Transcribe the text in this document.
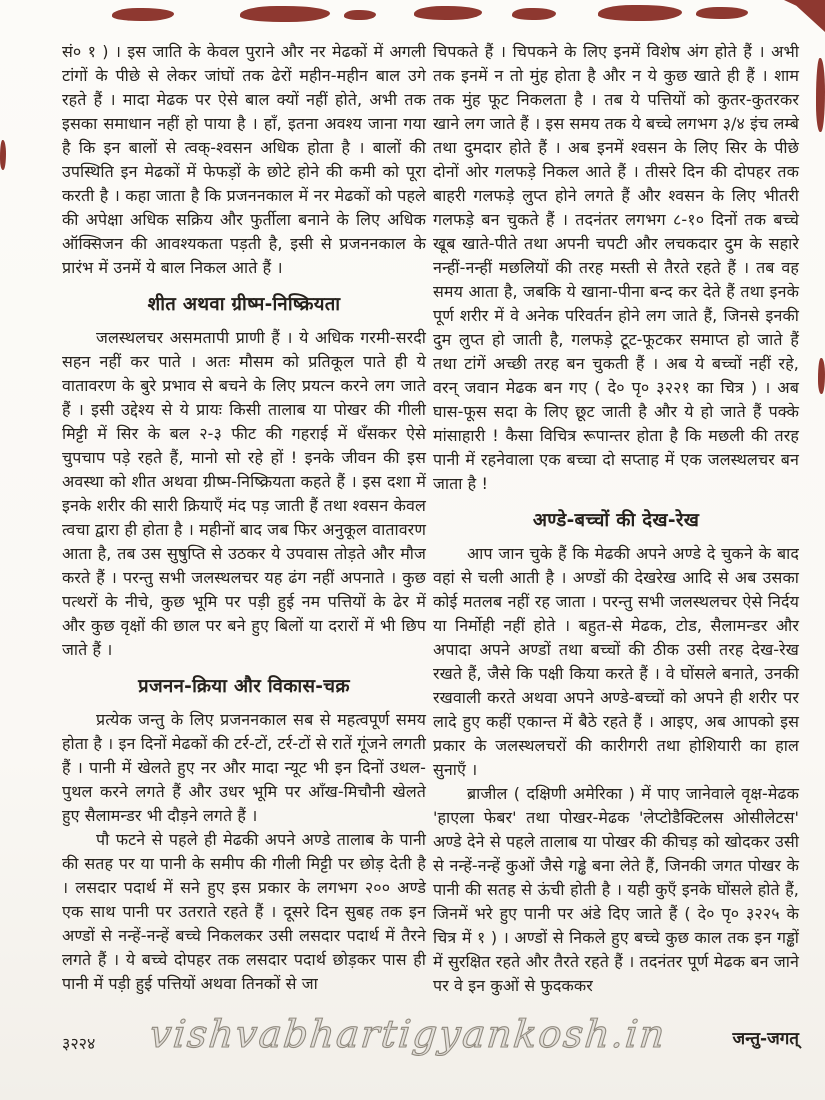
सं० १ ) । इस जाति के केवल पुराने और नर मेढकों में अगली टांगों के पीछे से लेकर जांघों तक ढेरों महीन-महीन बाल उगे रहते हैं । मादा मेढक पर ऐसे बाल क्यों नहीं होते, अभी तक इसका समाधान नहीं हो पाया है । हाँ, इतना अवश्य जाना गया है कि इन बालों से त्वक्-श्वसन अधिक होता है । बालों की उपस्थिति इन मेढकों में फेफड़ों के छोटे होने की कमी को पूरा करती है । कहा जाता है कि प्रजननकाल में नर मेढकों को पहले की अपेक्षा अधिक सक्रिय और फुर्तीला बनाने के लिए अधिक ऑक्सिजन की आवश्यकता पड़ती है, इसी से प्रजननकाल के प्रारंभ में उनमें ये बाल निकल आते हैं ।

शीत अथवा ग्रीष्म-निष्क्रियता

जलस्थलचर असमतापी प्राणी हैं । ये अधिक गरमी-सरदी सहन नहीं कर पाते । अतः मौसम को प्रतिकूल पाते ही ये वातावरण के बुरे प्रभाव से बचने के लिए प्रयत्न करने लग जाते हैं । इसी उद्देश्य से ये प्रायः किसी तालाब या पोखर की गीली मिट्टी में सिर के बल २-३ फीट की गहराई में धँसकर ऐसे चुपचाप पड़े रहते हैं, मानो सो रहे हों ! इनके जीवन की इस अवस्था को शीत अथवा ग्रीष्म-निष्क्रियता कहते हैं । इस दशा में इनके शरीर की सारी क्रियाएँ मंद पड़ जाती हैं तथा श्वसन केवल त्वचा द्वारा ही होता है । महीनों बाद जब फिर अनुकूल वातावरण आता है, तब उस सुषुप्ति से उठकर ये उपवास तोड़ते और मौज करते हैं । परन्तु सभी जलस्थलचर यह ढंग नहीं अपनाते । कुछ पत्थरों के नीचे, कुछ भूमि पर पड़ी हुई नम पत्तियों के ढेर में और कुछ वृक्षों की छाल पर बने हुए बिलों या दरारों में भी छिप जाते हैं ।

प्रजनन-क्रिया और विकास-चक्र

प्रत्येक जन्तु के लिए प्रजननकाल सब से महत्वपूर्ण समय होता है । इन दिनों मेढकों की टर्र-टों, टर्र-टों से रातें गूंजने लगती हैं । पानी में खेलते हुए नर और मादा न्यूट भी इन दिनों उथल-पुथल करने लगते हैं और उधर भूमि पर आँख-मिचौनी खेलते हुए सैलामन्डर भी दौड़ने लगते हैं ।

पौ फटने से पहले ही मेढकी अपने अण्डे तालाब के पानी की सतह पर या पानी के समीप की गीली मिट्टी पर छोड़ देती है । लसदार पदार्थ में सने हुए इस प्रकार के लगभग २०० अण्डे एक साथ पानी पर उतराते रहते हैं । दूसरे दिन सुबह तक इन अण्डों से नन्हें-नन्हें बच्चे निकलकर उसी लसदार पदार्थ में तैरने लगते हैं । ये बच्चे दोपहर तक लसदार पदार्थ छोड़कर पास ही पानी में पड़ी हुई पत्तियों अथवा तिनकों से जा

चिपकते हैं । चिपकने के लिए इनमें विशेष अंग होते हैं । अभी तक इनमें न तो मुंह होता है और न ये कुछ खाते ही हैं । शाम तक मुंह फूट निकलता है । तब ये पत्तियों को कुतर-कुतरकर खाने लग जाते हैं । इस समय तक ये बच्चे लगभग ३/४ इंच लम्बे तथा दुमदार होते हैं । अब इनमें श्वसन के लिए सिर के पीछे दोनों ओर गलफड़े निकल आते हैं । तीसरे दिन की दोपहर तक बाहरी गलफड़े लुप्त होने लगते हैं और श्वसन के लिए भीतरी गलफड़े बन चुकते हैं । तदनंतर लगभग ८-१० दिनों तक बच्चे खूब खाते-पीते तथा अपनी चपटी और लचकदार दुम के सहारे नन्हीं-नन्हीं मछलियों की तरह मस्ती से तैरते रहते हैं । तब वह समय आता है, जबकि ये खाना-पीना बन्द कर देते हैं तथा इनके पूर्ण शरीर में वे अनेक परिवर्तन होने लग जाते हैं, जिनसे इनकी दुम लुप्त हो जाती है, गलफड़े टूट-फूटकर समाप्त हो जाते हैं तथा टांगें अच्छी तरह बन चुकती हैं । अब ये बच्चों नहीं रहे, वरन् जवान मेढक बन गए ( दे० पृ० ३२२१ का चित्र ) । अब घास-फूस सदा के लिए छूट जाती है और ये हो जाते हैं पक्के मांसाहारी ! कैसा विचित्र रूपान्तर होता है कि मछली की तरह पानी में रहनेवाला एक बच्चा दो सप्ताह में एक जलस्थलचर बन जाता है !

अण्डे-बच्चों की देख-रेख

आप जान चुके हैं कि मेढकी अपने अण्डे दे चुकने के बाद वहां से चली आती है । अण्डों की देखरेख आदि से अब उसका कोई मतलब नहीं रह जाता । परन्तु सभी जलस्थलचर ऐसे निर्दय या निर्मोही नहीं होते । बहुत-से मेढक, टोड, सैलामन्डर और अपादा अपने अण्डों तथा बच्चों की ठीक उसी तरह देख-रेख रखते हैं, जैसे कि पक्षी किया करते हैं । वे घोंसले बनाते, उनकी रखवाली करते अथवा अपने अण्डे-बच्चों को अपने ही शरीर पर लादे हुए कहीं एकान्त में बैठे रहते हैं । आइए, अब आपको इस प्रकार के जलस्थलचरों की कारीगरी तथा होशियारी का हाल सुनाएँ ।

ब्राजील ( दक्षिणी अमेरिका ) में पाए जानेवाले वृक्ष-मेढक 'हाएला फेबर' तथा पोखर-मेढक 'लेप्टोडैक्टिलस ओसीलेटस' अण्डे देने से पहले तालाब या पोखर की कीचड़ को खोदकर उसी से नन्हें-नन्हें कुओं जैसे गड्ढे बना लेते हैं, जिनकी जगत पोखर के पानी की सतह से ऊंची होती है । यही कुएँ इनके घोंसले होते हैं, जिनमें भरे हुए पानी पर अंडे दिए जाते हैं ( दे० पृ० ३२२५ के चित्र में १ ) । अण्डों से निकले हुए बच्चे कुछ काल तक इन गड्ढों में सुरक्षित रहते और तैरते रहते हैं । तदनंतर पूर्ण मेढक बन जाने पर वे इन कुओं से फुदककर

vishvabhartigyankosh.in
३२२४	जन्तु-जगत्
